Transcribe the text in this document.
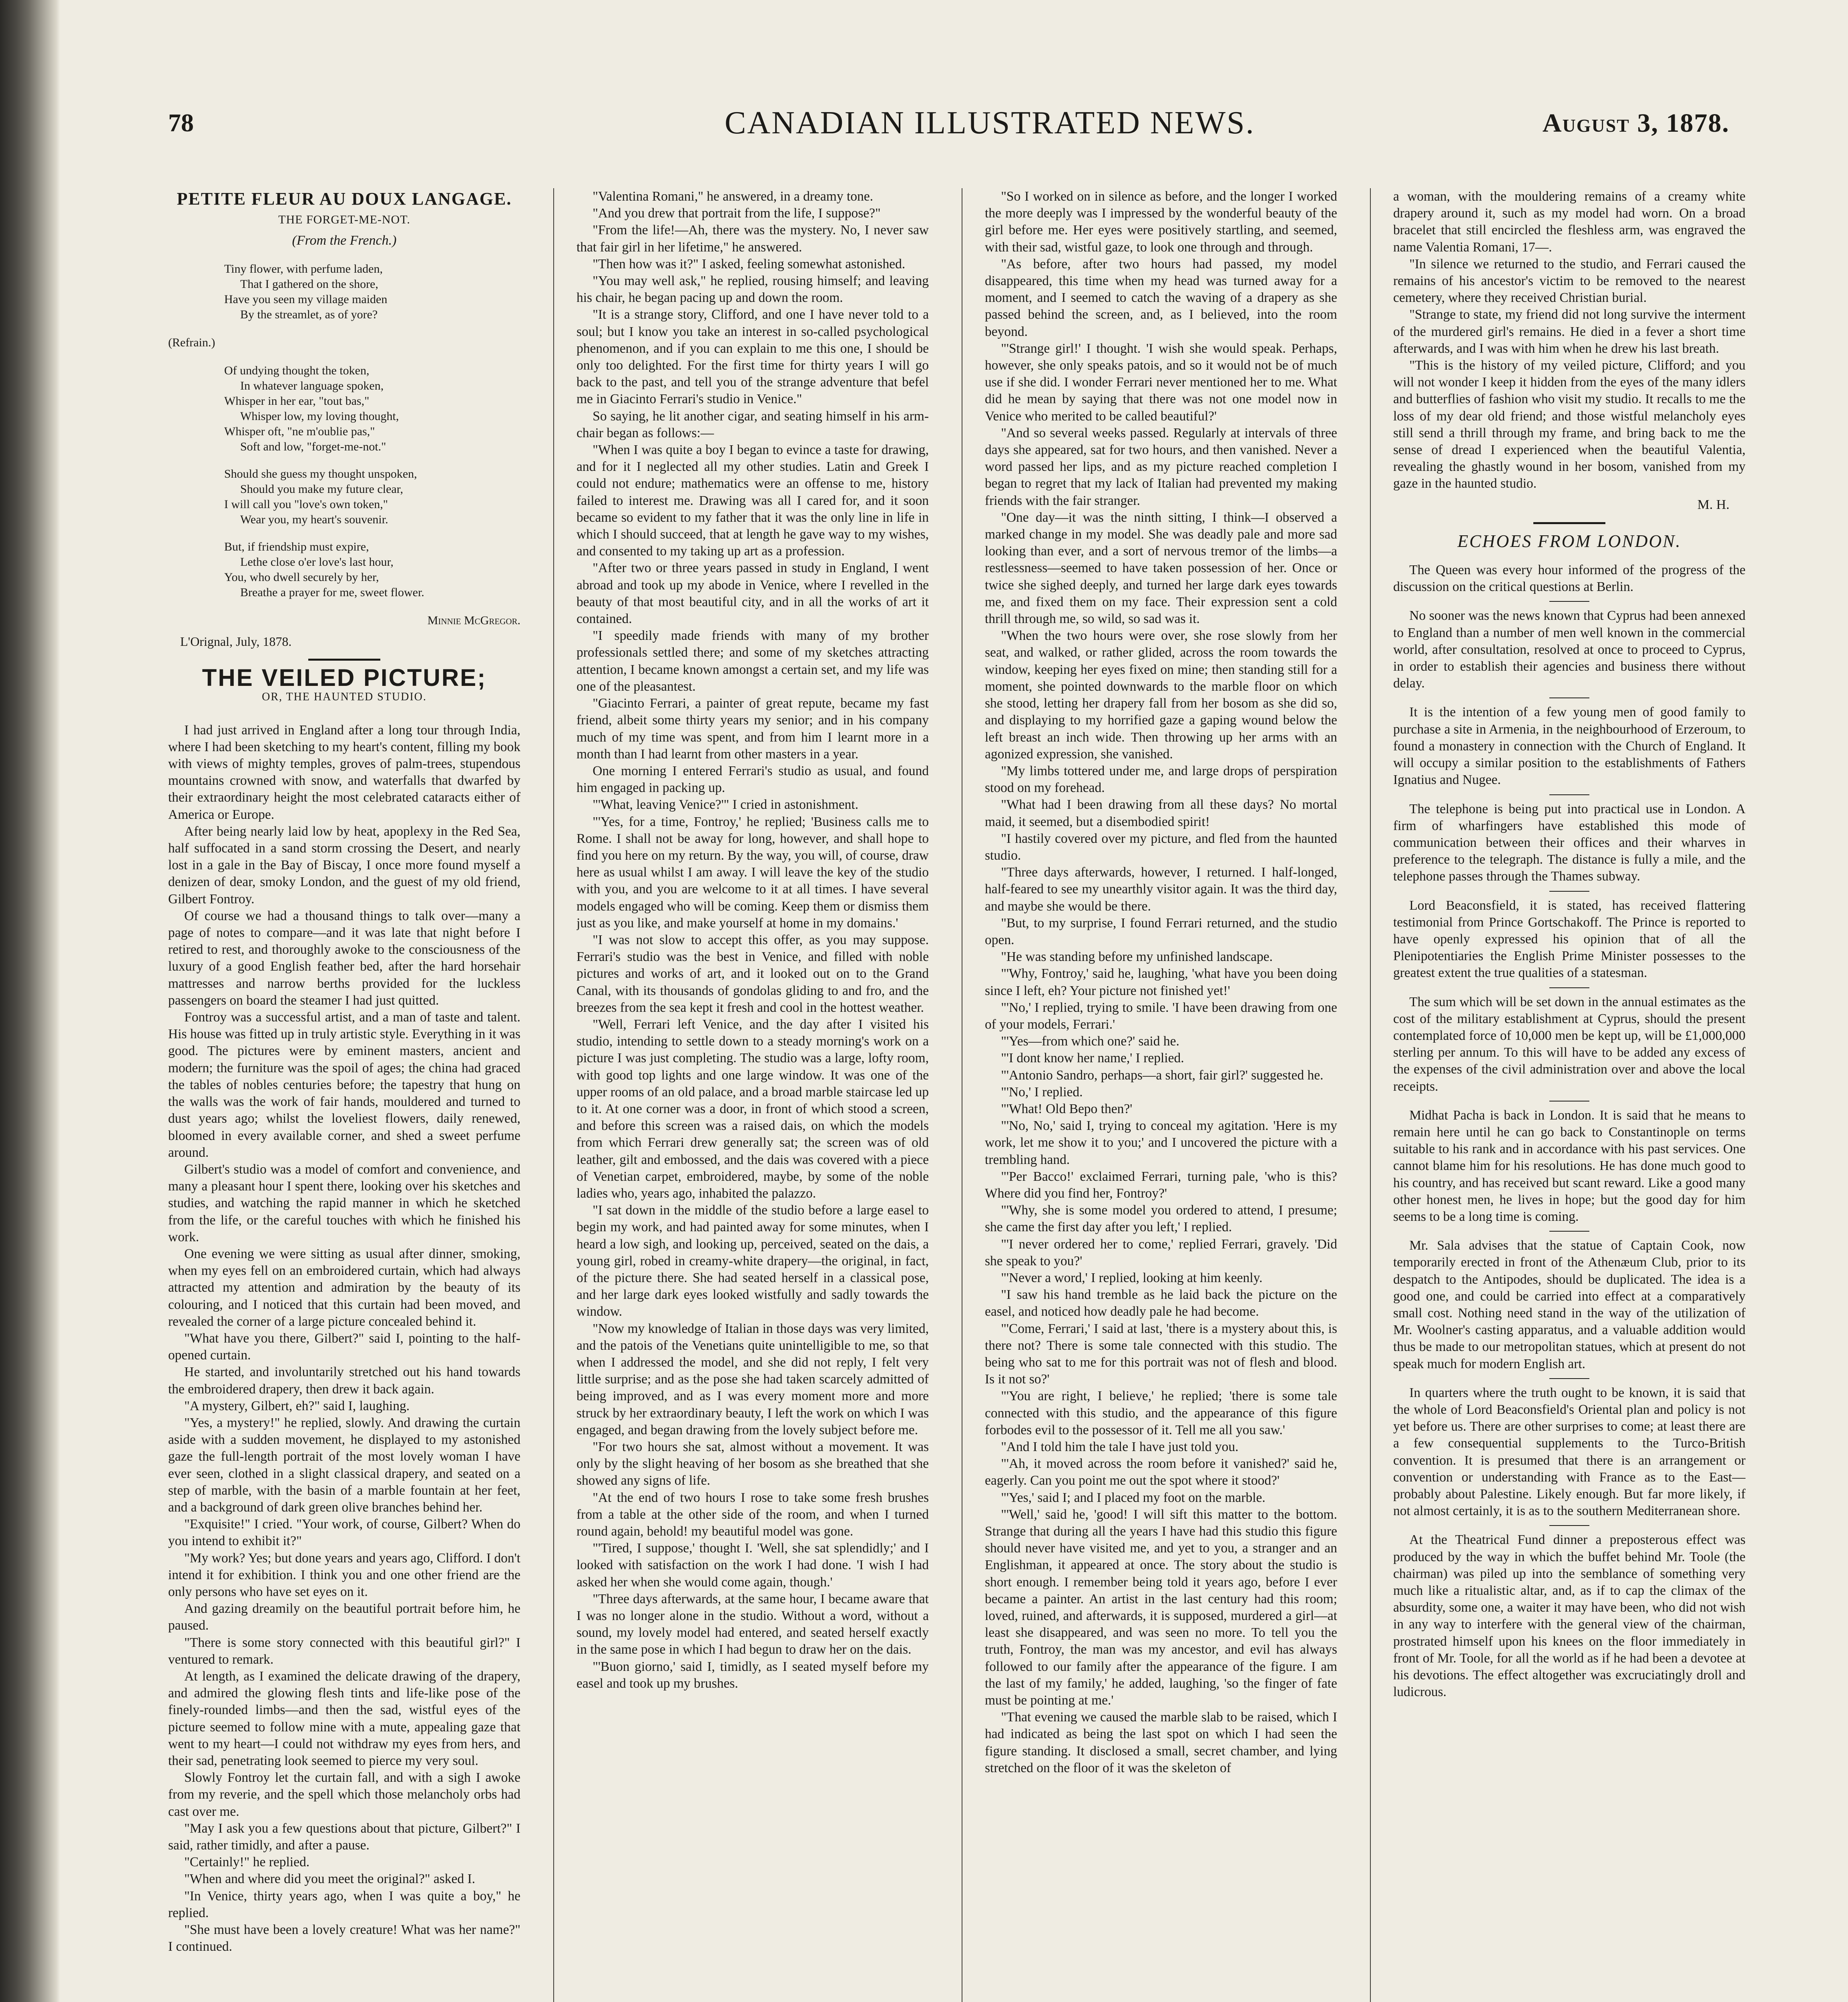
78	CANADIAN ILLUSTRATED NEWS.	August 3, 1878.
PETITE FLEUR AU DOUX LANGAGE.
THE FORGET-ME-NOT.
(From the French.)
Tiny flower, with perfume laden,
That I gathered on the shore,
Have you seen my village maiden
By the streamlet, as of yore?
(Refrain.)
Of undying thought the token,
In whatever language spoken,
Whisper in her ear, "tout bas,"
Whisper low, my loving thought,
Whisper oft, "ne m'oublie pas,"
Soft and low, "forget-me-not."
Should she guess my thought unspoken,
Should you make my future clear,
I will call you "love's own token,"
Wear you, my heart's souvenir.
But, if friendship must expire,
Lethe close o'er love's last hour,
You, who dwell securely by her,
Breathe a prayer for me, sweet flower.
Minnie McGregor.
L'Orignal, July, 1878.
THE VEILED PICTURE;
OR, THE HAUNTED STUDIO.

I had just arrived in England after a long tour through India, where I had been sketching to my heart's content, filling my book with views of mighty temples, groves of palm-trees, stupendous mountains crowned with snow, and waterfalls that dwarfed by their extraordinary height the most celebrated cataracts either of America or Europe.

After being nearly laid low by heat, apoplexy in the Red Sea, half suffocated in a sand storm crossing the Desert, and nearly lost in a gale in the Bay of Biscay, I once more found myself a denizen of dear, smoky London, and the guest of my old friend, Gilbert Fontroy.

Of course we had a thousand things to talk over—many a page of notes to compare—and it was late that night before I retired to rest, and thoroughly awoke to the consciousness of the luxury of a good English feather bed, after the hard horsehair mattresses and narrow berths provided for the luckless passengers on board the steamer I had just quitted.

Fontroy was a successful artist, and a man of taste and talent. His house was fitted up in truly artistic style. Everything in it was good. The pictures were by eminent masters, ancient and modern; the furniture was the spoil of ages; the china had graced the tables of nobles centuries before; the tapestry that hung on the walls was the work of fair hands, mouldered and turned to dust years ago; whilst the loveliest flowers, daily renewed, bloomed in every available corner, and shed a sweet perfume around.

Gilbert's studio was a model of comfort and convenience, and many a pleasant hour I spent there, looking over his sketches and studies, and watching the rapid manner in which he sketched from the life, or the careful touches with which he finished his work.

One evening we were sitting as usual after dinner, smoking, when my eyes fell on an embroidered curtain, which had always attracted my attention and admiration by the beauty of its colouring, and I noticed that this curtain had been moved, and revealed the corner of a large picture concealed behind it.

"What have you there, Gilbert?" said I, pointing to the half-opened curtain.

He started, and involuntarily stretched out his hand towards the embroidered drapery, then drew it back again.

"A mystery, Gilbert, eh?" said I, laughing.

"Yes, a mystery!" he replied, slowly. And drawing the curtain aside with a sudden movement, he displayed to my astonished gaze the full-length portrait of the most lovely woman I have ever seen, clothed in a slight classical drapery, and seated on a step of marble, with the basin of a marble fountain at her feet, and a background of dark green olive branches behind her.

"Exquisite!" I cried. "Your work, of course, Gilbert? When do you intend to exhibit it?"

"My work? Yes; but done years and years ago, Clifford. I don't intend it for exhibition. I think you and one other friend are the only persons who have set eyes on it.

And gazing dreamily on the beautiful portrait before him, he paused.

"There is some story connected with this beautiful girl?" I ventured to remark.

At length, as I examined the delicate drawing of the drapery, and admired the glowing flesh tints and life-like pose of the finely-rounded limbs—and then the sad, wistful eyes of the picture seemed to follow mine with a mute, appealing gaze that went to my heart—I could not withdraw my eyes from hers, and their sad, penetrating look seemed to pierce my very soul.

Slowly Fontroy let the curtain fall, and with a sigh I awoke from my reverie, and the spell which those melancholy orbs had cast over me.

"May I ask you a few questions about that picture, Gilbert?" I said, rather timidly, and after a pause.

"Certainly!" he replied.

"When and where did you meet the original?" asked I.

"In Venice, thirty years ago, when I was quite a boy," he replied.

"She must have been a lovely creature! What was her name?" I continued.

"Valentina Romani," he answered, in a dreamy tone.

"And you drew that portrait from the life, I suppose?"

"From the life!—Ah, there was the mystery. No, I never saw that fair girl in her lifetime," he answered.

"Then how was it?" I asked, feeling somewhat astonished.

"You may well ask," he replied, rousing himself; and leaving his chair, he began pacing up and down the room.

"It is a strange story, Clifford, and one I have never told to a soul; but I know you take an interest in so-called psychological phenomenon, and if you can explain to me this one, I should be only too delighted. For the first time for thirty years I will go back to the past, and tell you of the strange adventure that befel me in Giacinto Ferrari's studio in Venice."

So saying, he lit another cigar, and seating himself in his arm-chair began as follows:—

"When I was quite a boy I began to evince a taste for drawing, and for it I neglected all my other studies. Latin and Greek I could not endure; mathematics were an offense to me, history failed to interest me. Drawing was all I cared for, and it soon became so evident to my father that it was the only line in life in which I should succeed, that at length he gave way to my wishes, and consented to my taking up art as a profession.

"After two or three years passed in study in England, I went abroad and took up my abode in Venice, where I revelled in the beauty of that most beautiful city, and in all the works of art it contained.

"I speedily made friends with many of my brother professionals settled there; and some of my sketches attracting attention, I became known amongst a certain set, and my life was one of the pleasantest.

"Giacinto Ferrari, a painter of great repute, became my fast friend, albeit some thirty years my senior; and in his company much of my time was spent, and from him I learnt more in a month than I had learnt from other masters in a year.

One morning I entered Ferrari's studio as usual, and found him engaged in packing up.

"'What, leaving Venice?'" I cried in astonishment.

"'Yes, for a time, Fontroy,' he replied; 'Business calls me to Rome. I shall not be away for long, however, and shall hope to find you here on my return. By the way, you will, of course, draw here as usual whilst I am away. I will leave the key of the studio with you, and you are welcome to it at all times. I have several models engaged who will be coming. Keep them or dismiss them just as you like, and make yourself at home in my domains.'

"I was not slow to accept this offer, as you may suppose. Ferrari's studio was the best in Venice, and filled with noble pictures and works of art, and it looked out on to the Grand Canal, with its thousands of gondolas gliding to and fro, and the breezes from the sea kept it fresh and cool in the hottest weather.

"Well, Ferrari left Venice, and the day after I visited his studio, intending to settle down to a steady morning's work on a picture I was just completing. The studio was a large, lofty room, with good top lights and one large window. It was one of the upper rooms of an old palace, and a broad marble staircase led up to it. At one corner was a door, in front of which stood a screen, and before this screen was a raised dais, on which the models from which Ferrari drew generally sat; the screen was of old leather, gilt and embossed, and the dais was covered with a piece of Venetian carpet, embroidered, maybe, by some of the noble ladies who, years ago, inhabited the palazzo.

"I sat down in the middle of the studio before a large easel to begin my work, and had painted away for some minutes, when I heard a low sigh, and looking up, perceived, seated on the dais, a young girl, robed in creamy-white drapery—the original, in fact, of the picture there. She had seated herself in a classical pose, and her large dark eyes looked wistfully and sadly towards the window.

"Now my knowledge of Italian in those days was very limited, and the patois of the Venetians quite unintelligible to me, so that when I addressed the model, and she did not reply, I felt very little surprise; and as the pose she had taken scarcely admitted of being improved, and as I was every moment more and more struck by her extraordinary beauty, I left the work on which I was engaged, and began drawing from the lovely subject before me.

"For two hours she sat, almost without a movement. It was only by the slight heaving of her bosom as she breathed that she showed any signs of life.

"At the end of two hours I rose to take some fresh brushes from a table at the other side of the room, and when I turned round again, behold! my beautiful model was gone.

"'Tired, I suppose,' thought I. 'Well, she sat splendidly;' and I looked with satisfaction on the work I had done. 'I wish I had asked her when she would come again, though.'

"Three days afterwards, at the same hour, I became aware that I was no longer alone in the studio. Without a word, without a sound, my lovely model had entered, and seated herself exactly in the same pose in which I had begun to draw her on the dais.

"'Buon giorno,' said I, timidly, as I seated myself before my easel and took up my brushes.

"So I worked on in silence as before, and the longer I worked the more deeply was I impressed by the wonderful beauty of the girl before me. Her eyes were positively startling, and seemed, with their sad, wistful gaze, to look one through and through.

"As before, after two hours had passed, my model disappeared, this time when my head was turned away for a moment, and I seemed to catch the waving of a drapery as she passed behind the screen, and, as I believed, into the room beyond.

"'Strange girl!' I thought. 'I wish she would speak. Perhaps, however, she only speaks patois, and so it would not be of much use if she did. I wonder Ferrari never mentioned her to me. What did he mean by saying that there was not one model now in Venice who merited to be called beautiful?'

"And so several weeks passed. Regularly at intervals of three days she appeared, sat for two hours, and then vanished. Never a word passed her lips, and as my picture reached completion I began to regret that my lack of Italian had prevented my making friends with the fair stranger.

"One day—it was the ninth sitting, I think—I observed a marked change in my model. She was deadly pale and more sad looking than ever, and a sort of nervous tremor of the limbs—a restlessness—seemed to have taken possession of her. Once or twice she sighed deeply, and turned her large dark eyes towards me, and fixed them on my face. Their expression sent a cold thrill through me, so wild, so sad was it.

"When the two hours were over, she rose slowly from her seat, and walked, or rather glided, across the room towards the window, keeping her eyes fixed on mine; then standing still for a moment, she pointed downwards to the marble floor on which she stood, letting her drapery fall from her bosom as she did so, and displaying to my horrified gaze a gaping wound below the left breast an inch wide. Then throwing up her arms with an agonized expression, she vanished.

"My limbs tottered under me, and large drops of perspiration stood on my forehead.

"What had I been drawing from all these days? No mortal maid, it seemed, but a disembodied spirit!

"I hastily covered over my picture, and fled from the haunted studio.

"Three days afterwards, however, I returned. I half-longed, half-feared to see my unearthly visitor again. It was the third day, and maybe she would be there.

"But, to my surprise, I found Ferrari returned, and the studio open.

"He was standing before my unfinished landscape.

"'Why, Fontroy,' said he, laughing, 'what have you been doing since I left, eh? Your picture not finished yet!'

"'No,' I replied, trying to smile. 'I have been drawing from one of your models, Ferrari.'

"'Yes—from which one?' said he.

"'I dont know her name,' I replied.

"'Antonio Sandro, perhaps—a short, fair girl?' suggested he.

"'No,' I replied.

"'What! Old Bepo then?'

"'No, No,' said I, trying to conceal my agitation. 'Here is my work, let me show it to you;' and I uncovered the picture with a trembling hand.

"'Per Bacco!' exclaimed Ferrari, turning pale, 'who is this? Where did you find her, Fontroy?'

"'Why, she is some model you ordered to attend, I presume; she came the first day after you left,' I replied.

"'I never ordered her to come,' replied Ferrari, gravely. 'Did she speak to you?'

"'Never a word,' I replied, looking at him keenly.

"I saw his hand tremble as he laid back the picture on the easel, and noticed how deadly pale he had become.

"'Come, Ferrari,' I said at last, 'there is a mystery about this, is there not? There is some tale connected with this studio. The being who sat to me for this portrait was not of flesh and blood. Is it not so?'

"'You are right, I believe,' he replied; 'there is some tale connected with this studio, and the appearance of this figure forbodes evil to the possessor of it. Tell me all you saw.'

"And I told him the tale I have just told you.

"'Ah, it moved across the room before it vanished?' said he, eagerly. Can you point me out the spot where it stood?'

"'Yes,' said I; and I placed my foot on the marble.

"'Well,' said he, 'good! I will sift this matter to the bottom. Strange that during all the years I have had this studio this figure should never have visited me, and yet to you, a stranger and an Englishman, it appeared at once. The story about the studio is short enough. I remember being told it years ago, before I ever became a painter. An artist in the last century had this room; loved, ruined, and afterwards, it is supposed, murdered a girl—at least she disappeared, and was seen no more. To tell you the truth, Fontroy, the man was my ancestor, and evil has always followed to our family after the appearance of the figure. I am the last of my family,' he added, laughing, 'so the finger of fate must be pointing at me.'

"That evening we caused the marble slab to be raised, which I had indicated as being the last spot on which I had seen the figure standing. It disclosed a small, secret chamber, and lying stretched on the floor of it was the skeleton of

a woman, with the mouldering remains of a creamy white drapery around it, such as my model had worn. On a broad bracelet that still encircled the fleshless arm, was engraved the name Valentia Romani, 17—.

"In silence we returned to the studio, and Ferrari caused the remains of his ancestor's victim to be removed to the nearest cemetery, where they received Christian burial.

"Strange to state, my friend did not long survive the interment of the murdered girl's remains. He died in a fever a short time afterwards, and I was with him when he drew his last breath.

"This is the history of my veiled picture, Clifford; and you will not wonder I keep it hidden from the eyes of the many idlers and butterflies of fashion who visit my studio. It recalls to me the loss of my dear old friend; and those wistful melancholy eyes still send a thrill through my frame, and bring back to me the sense of dread I experienced when the beautiful Valentia, revealing the ghastly wound in her bosom, vanished from my gaze in the haunted studio.

M. H.
ECHOES FROM LONDON.

The Queen was every hour informed of the progress of the discussion on the critical questions at Berlin.

No sooner was the news known that Cyprus had been annexed to England than a number of men well known in the commercial world, after consultation, resolved at once to proceed to Cyprus, in order to establish their agencies and business there without delay.

It is the intention of a few young men of good family to purchase a site in Armenia, in the neighbourhood of Erzeroum, to found a monastery in connection with the Church of England. It will occupy a similar position to the establishments of Fathers Ignatius and Nugee.

The telephone is being put into practical use in London. A firm of wharfingers have established this mode of communication between their offices and their wharves in preference to the telegraph. The distance is fully a mile, and the telephone passes through the Thames subway.

Lord Beaconsfield, it is stated, has received flattering testimonial from Prince Gortschakoff. The Prince is reported to have openly expressed his opinion that of all the Plenipotentiaries the English Prime Minister possesses to the greatest extent the true qualities of a statesman.

The sum which will be set down in the annual estimates as the cost of the military establishment at Cyprus, should the present contemplated force of 10,000 men be kept up, will be £1,000,000 sterling per annum. To this will have to be added any excess of the expenses of the civil administration over and above the local receipts.

Midhat Pacha is back in London. It is said that he means to remain here until he can go back to Constantinople on terms suitable to his rank and in accordance with his past services. One cannot blame him for his resolutions. He has done much good to his country, and has received but scant reward. Like a good many other honest men, he lives in hope; but the good day for him seems to be a long time is coming.

Mr. Sala advises that the statue of Captain Cook, now temporarily erected in front of the Athenæum Club, prior to its despatch to the Antipodes, should be duplicated. The idea is a good one, and could be carried into effect at a comparatively small cost. Nothing need stand in the way of the utilization of Mr. Woolner's casting apparatus, and a valuable addition would thus be made to our metropolitan statues, which at present do not speak much for modern English art.

In quarters where the truth ought to be known, it is said that the whole of Lord Beaconsfield's Oriental plan and policy is not yet before us. There are other surprises to come; at least there are a few consequential supplements to the Turco-British convention. It is presumed that there is an arrangement or convention or understanding with France as to the East—probably about Palestine. Likely enough. But far more likely, if not almost certainly, it is as to the southern Mediterranean shore.

At the Theatrical Fund dinner a preposterous effect was produced by the way in which the buffet behind Mr. Toole (the chairman) was piled up into the semblance of something very much like a ritualistic altar, and, as if to cap the climax of the absurdity, some one, a waiter it may have been, who did not wish in any way to interfere with the general view of the chairman, prostrated himself upon his knees on the floor immediately in front of Mr. Toole, for all the world as if he had been a devotee at his devotions. The effect altogether was excruciatingly droll and ludicrous.
